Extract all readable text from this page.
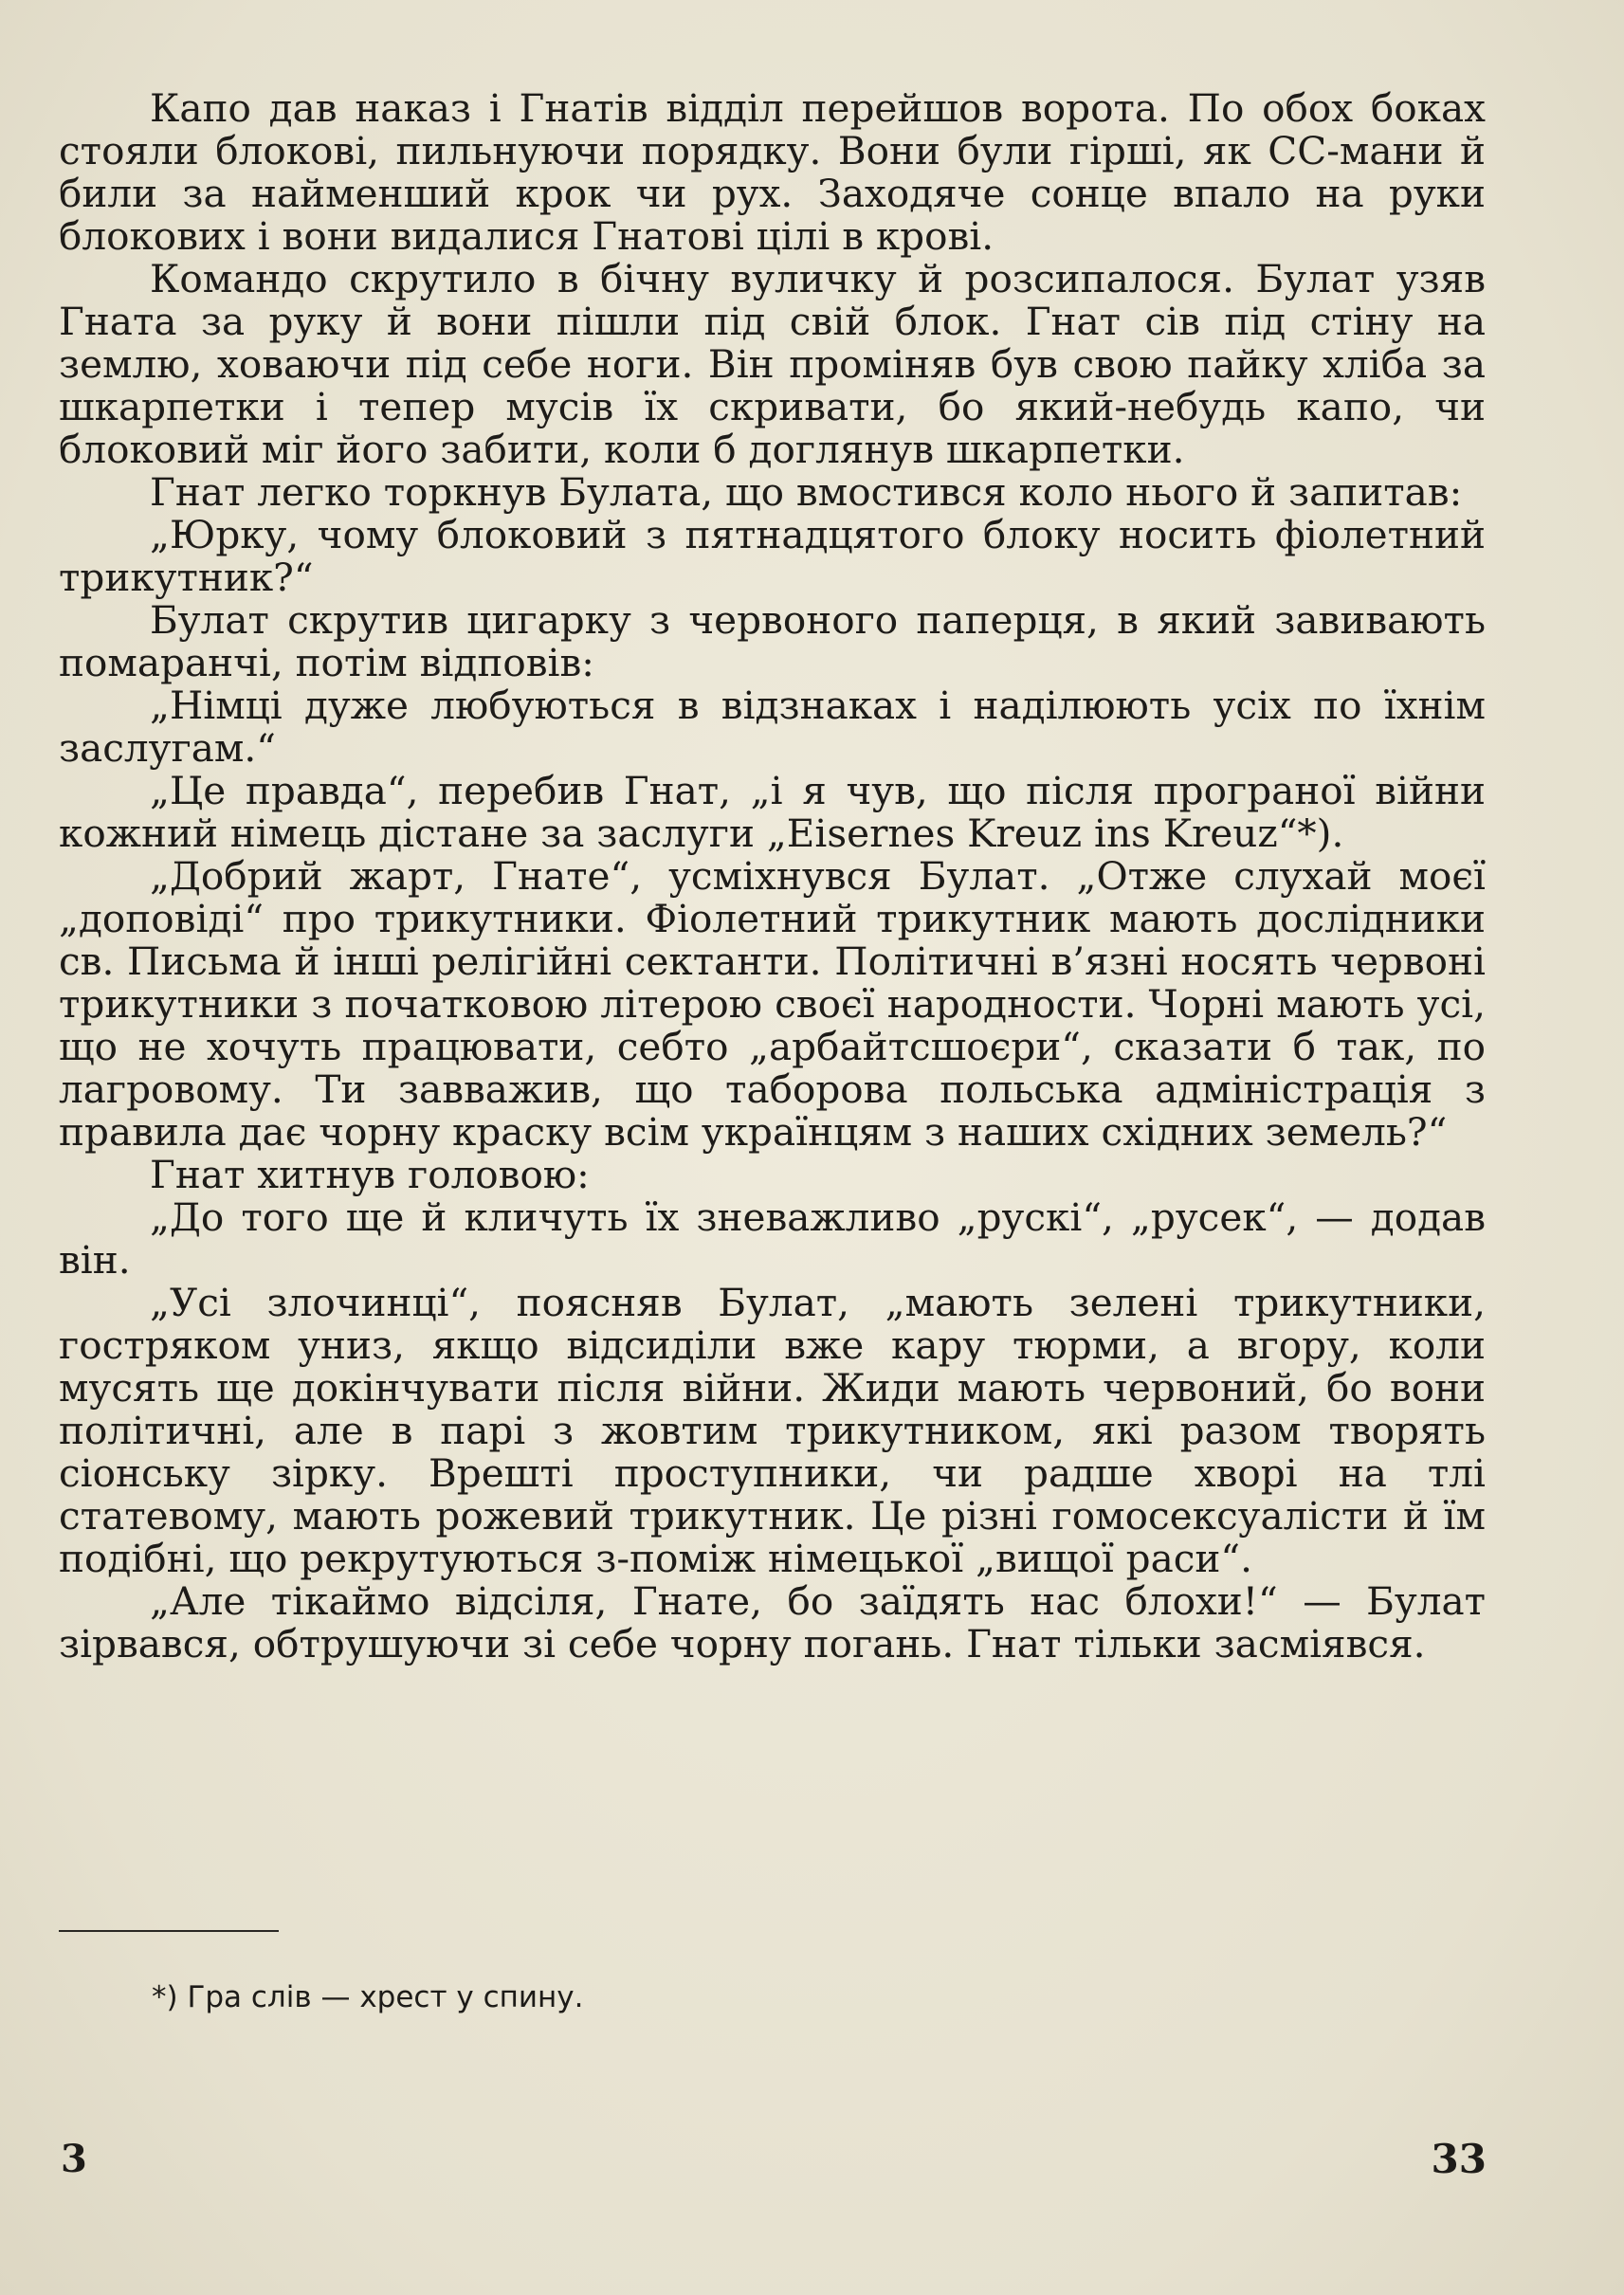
Капо дав наказ і Гнатів відділ перейшов ворота. По обох боках стояли блокові, пильнуючи порядку. Вони були гірші, як СС-мани й били за найменший крок чи рух. Заходяче сонце впало на руки блокових і вони видалися Гнатові цілі в крові.

Командо скрутило в бічну вуличку й розсипалося. Булат узяв Гната за руку й вони пішли під свій блок. Гнат сів під стіну на землю, ховаючи під себе ноги. Він проміняв був свою пайку хліба за шкарпетки і тепер мусів їх скривати, бо який-небудь капо, чи блоковий міг його забити, коли б доглянув шкарпетки.

Гнат легко торкнув Булата, що вмостився коло нього й запитав:

„Юрку, чому блоковий з пятнадцятого блоку носить фіолетний трикутник?“

Булат скрутив цигарку з червоного паперця, в який завивають помаранчі, потім відповів:

„Німці дуже любуються в відзнаках і наділюють усіх по їхнім заслугам.“

„Це правда“, перебив Гнат, „і я чув, що після програної війни кожний німець дістане за заслуги „Eisernes Kreuz ins Kreuz“*).

„Добрий жарт, Гнате“, усміхнувся Булат. „Отже слухай моєї „доповіді“ про трикутники. Фіолетний трикутник мають дослідники св. Письма й інші релігійні сектанти. Політичні в’язні носять червоні трикутники з початковою літерою своєї народности. Чорні мають усі, що не хочуть працювати, себто „арбайтсшоєри“, сказати б так, по лагровому. Ти завважив, що таборова польська адміністрація з правила дає чорну краску всім українцям з наших східних земель?“

Гнат хитнув головою:

„До того ще й кличуть їх зневажливо „рускі“, „русек“, — додав він.

„Усі злочинці“, поясняв Булат, „мають зелені трикутники, гостряком униз, якщо відсиділи вже кару тюрми, а вгору, коли мусять ще докінчувати після війни. Жиди мають червоний, бо вони політичні, але в парі з жовтим трикутником, які разом творять сіонську зірку. Врешті проступники, чи радше хворі на тлі статевому, мають рожевий трикутник. Це різні гомосексуалісти й їм подібні, що рекрутуються з-поміж німецької „вищої раси“.

„Але тікаймо відсіля, Гнате, бо заїдять нас блохи!“ — Булат зірвався, обтрушуючи зі себе чорну погань. Гнат тільки засміявся.

*) Гра слів — хрест у спину.
3	33
